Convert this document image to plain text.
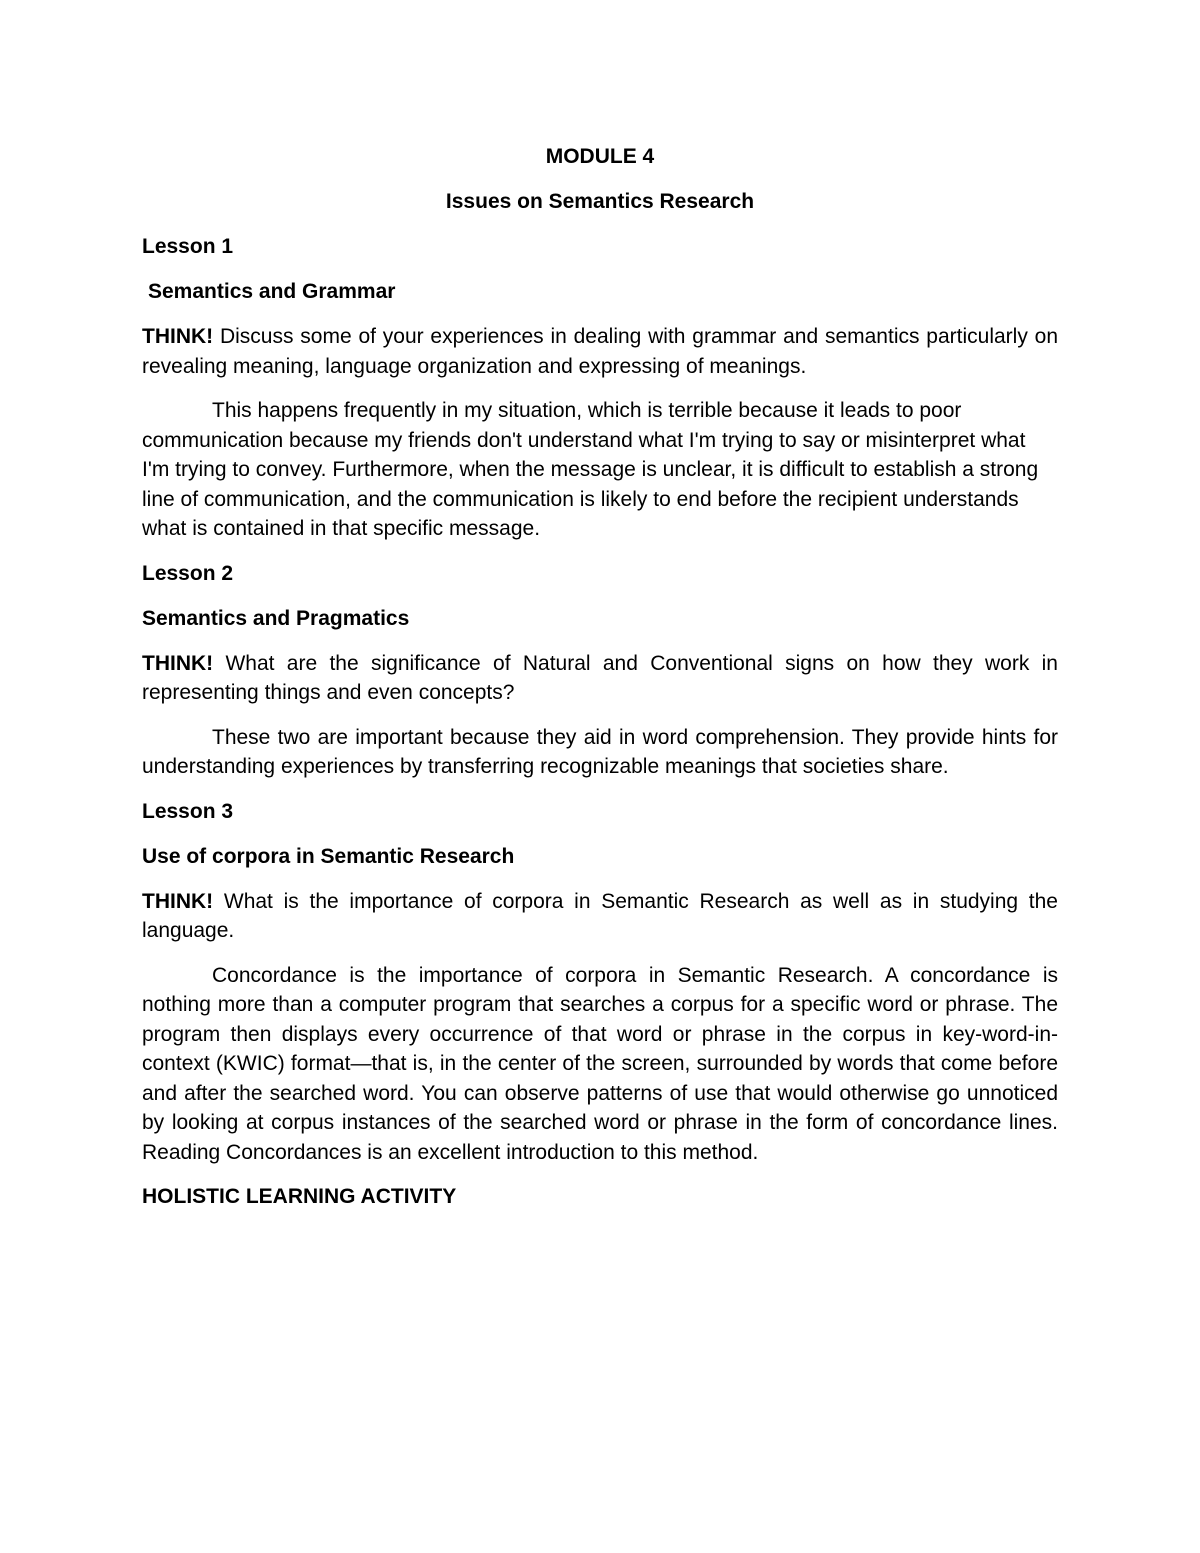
MODULE 4

Issues on Semantics Research

Lesson 1

Semantics and Grammar

THINK! Discuss some of your experiences in dealing with grammar and semantics particularly on revealing meaning, language organization and expressing of meanings.

This happens frequently in my situation, which is terrible because it leads to poor communication because my friends don't understand what I'm trying to say or misinterpret what I'm trying to convey. Furthermore, when the message is unclear, it is difficult to establish a strong line of communication, and the communication is likely to end before the recipient understands what is contained in that specific message.

Lesson 2

Semantics and Pragmatics

THINK! What are the significance of Natural and Conventional signs on how they work in representing things and even concepts?

These two are important because they aid in word comprehension. They provide hints for understanding experiences by transferring recognizable meanings that societies share.

Lesson 3

Use of corpora in Semantic Research

THINK! What is the importance of corpora in Semantic Research as well as in studying the language.

Concordance is the importance of corpora in Semantic Research. A concordance is nothing more than a computer program that searches a corpus for a specific word or phrase. The program then displays every occurrence of that word or phrase in the corpus in key-word-in-context (KWIC) format—that is, in the center of the screen, surrounded by words that come before and after the searched word. You can observe patterns of use that would otherwise go unnoticed by looking at corpus instances of the searched word or phrase in the form of concordance lines. Reading Concordances is an excellent introduction to this method.

HOLISTIC LEARNING ACTIVITY
